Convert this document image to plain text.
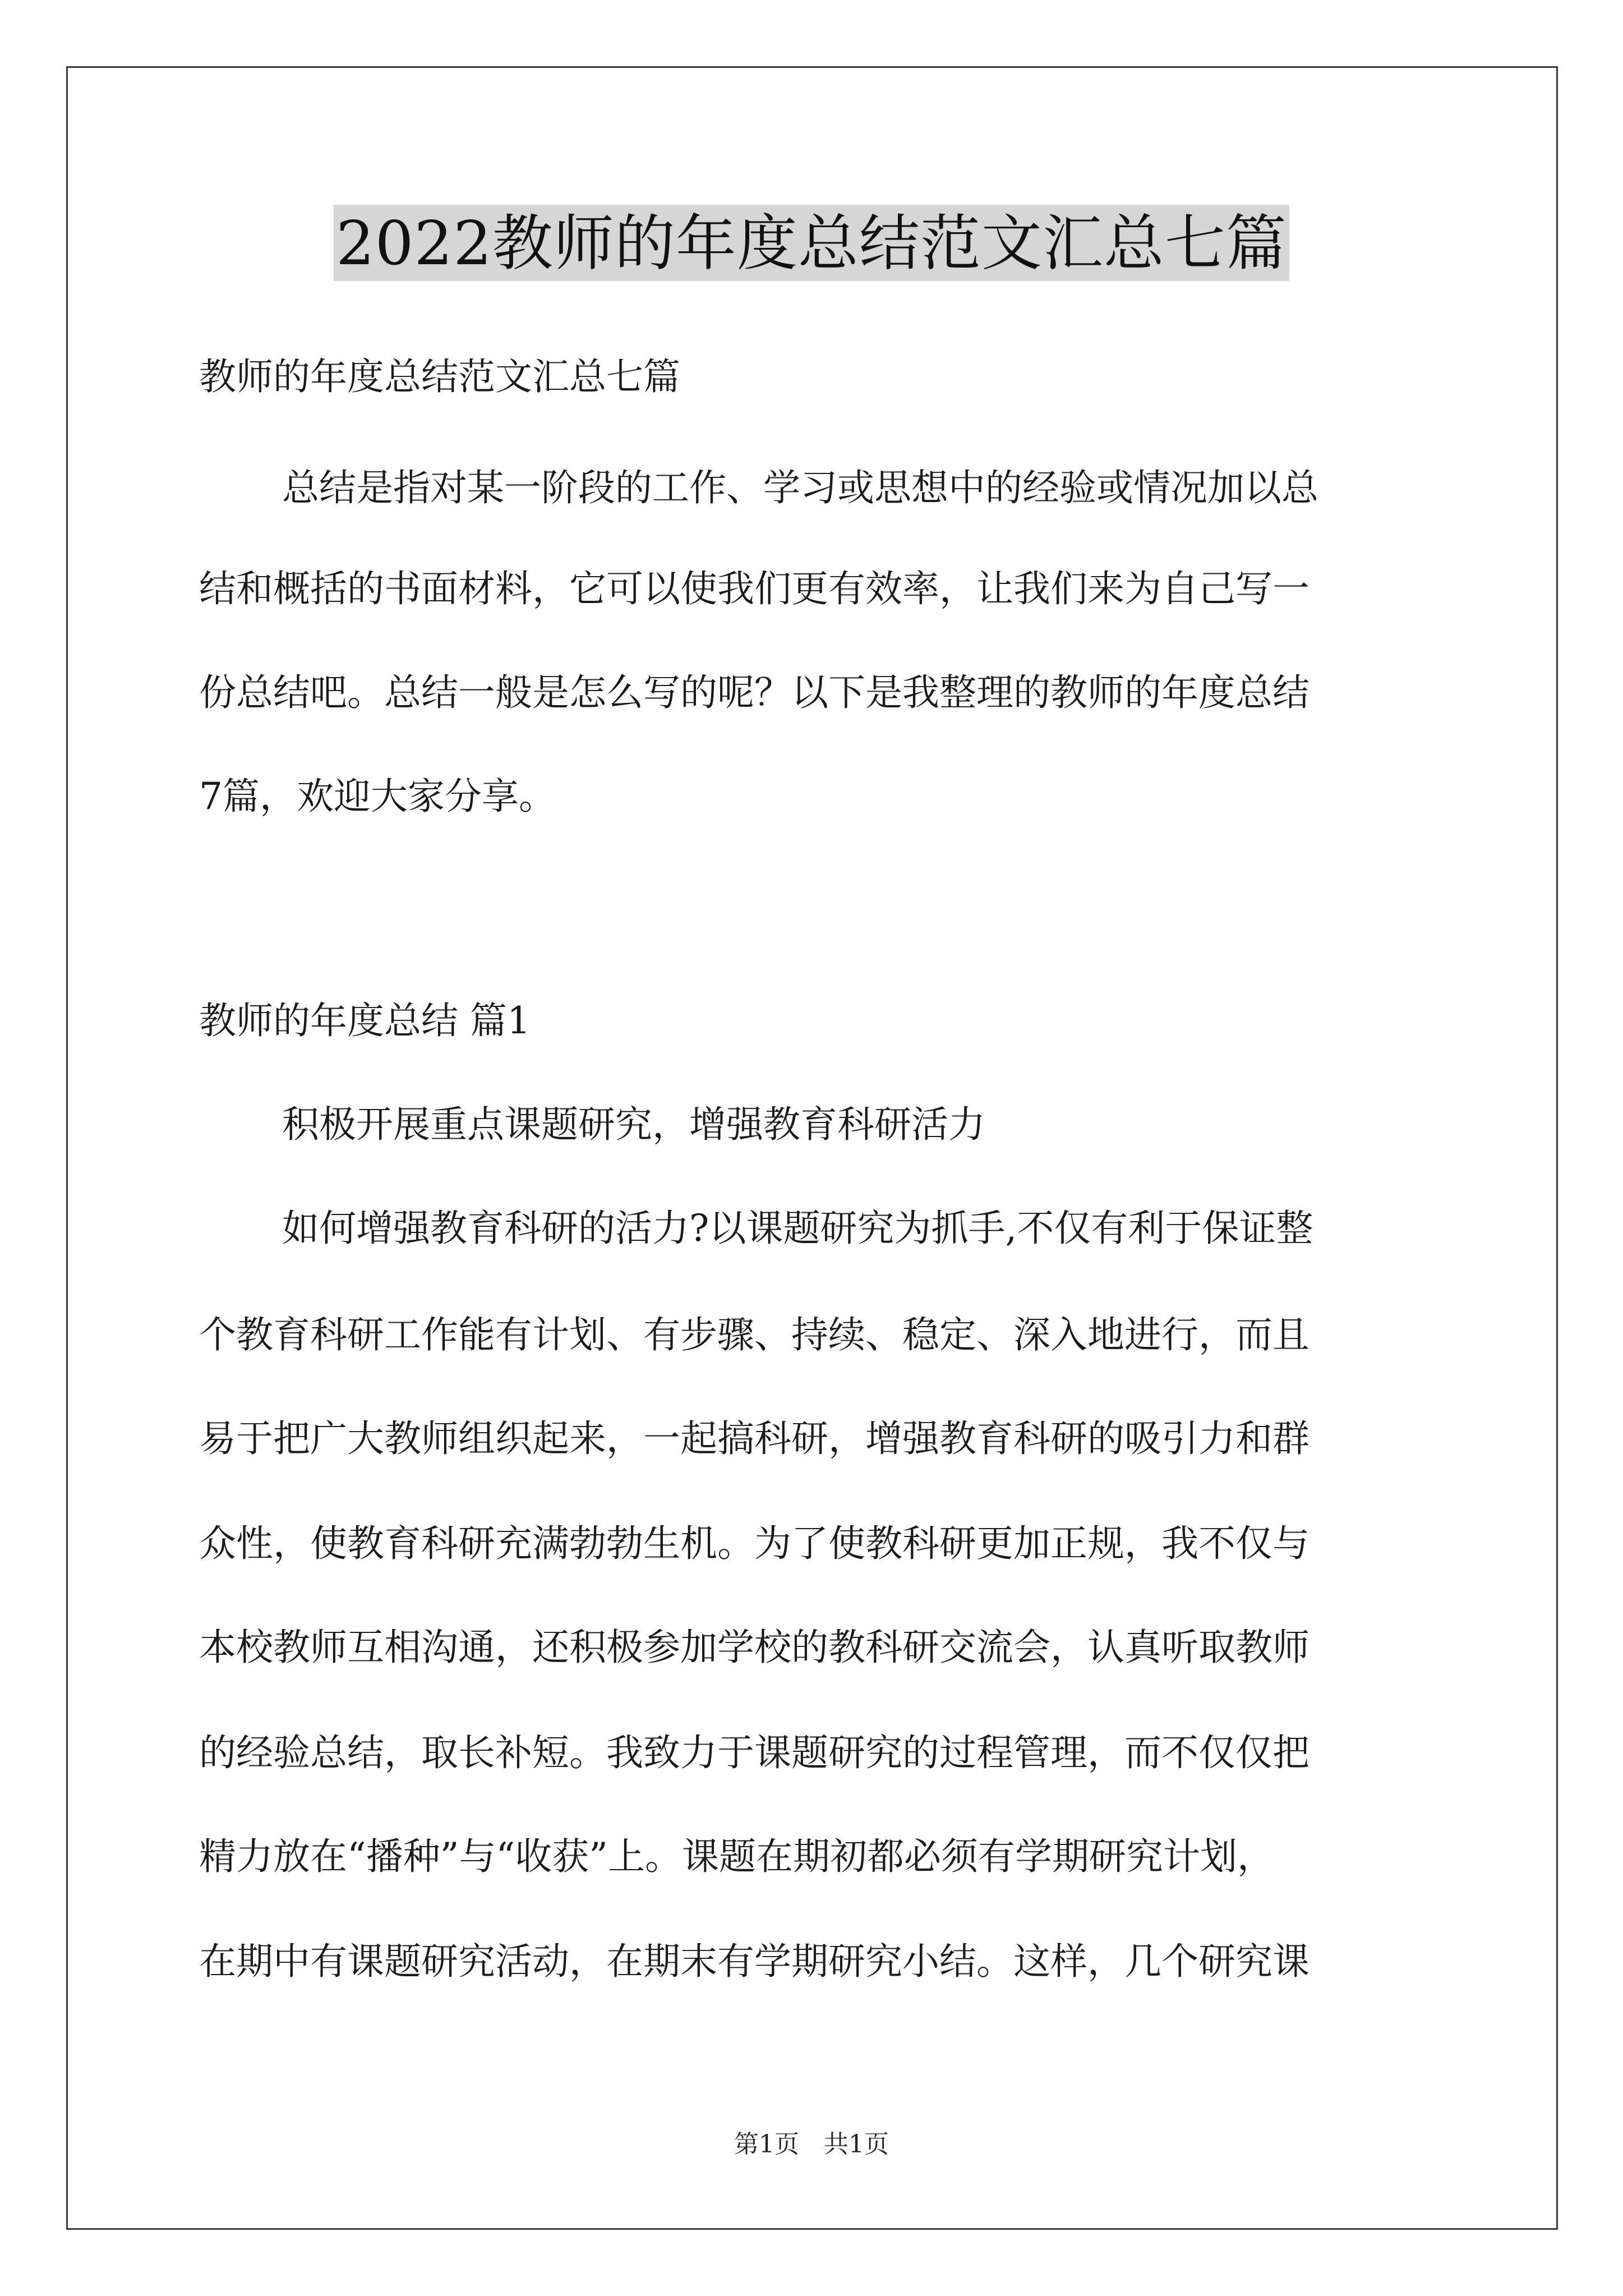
2022教师的年度总结范文汇总七篇
教师的年度总结范文汇总七篇
总结是指对某一阶段的工作、学习或思想中的经验或情况加以总
结和概括的书面材料，它可以使我们更有效率，让我们来为自己写一
份总结吧。总结一般是怎么写的呢？以下是我整理的教师的年度总结
7篇，欢迎大家分享。
教师的年度总结 篇1
积极开展重点课题研究，增强教育科研活力
如何增强教育科研的活力?以课题研究为抓手,不仅有利于保证整
个教育科研工作能有计划、有步骤、持续、稳定、深入地进行，而且
易于把广大教师组织起来，一起搞科研，增强教育科研的吸引力和群
众性，使教育科研充满勃勃生机。为了使教科研更加正规，我不仅与
本校教师互相沟通，还积极参加学校的教科研交流会，认真听取教师
的经验总结，取长补短。我致力于课题研究的过程管理，而不仅仅把
精力放在“播种”与“收获”上。课题在期初都必须有学期研究计划，
在期中有课题研究活动，在期末有学期研究小结。这样，几个研究课
第1页　共1页
